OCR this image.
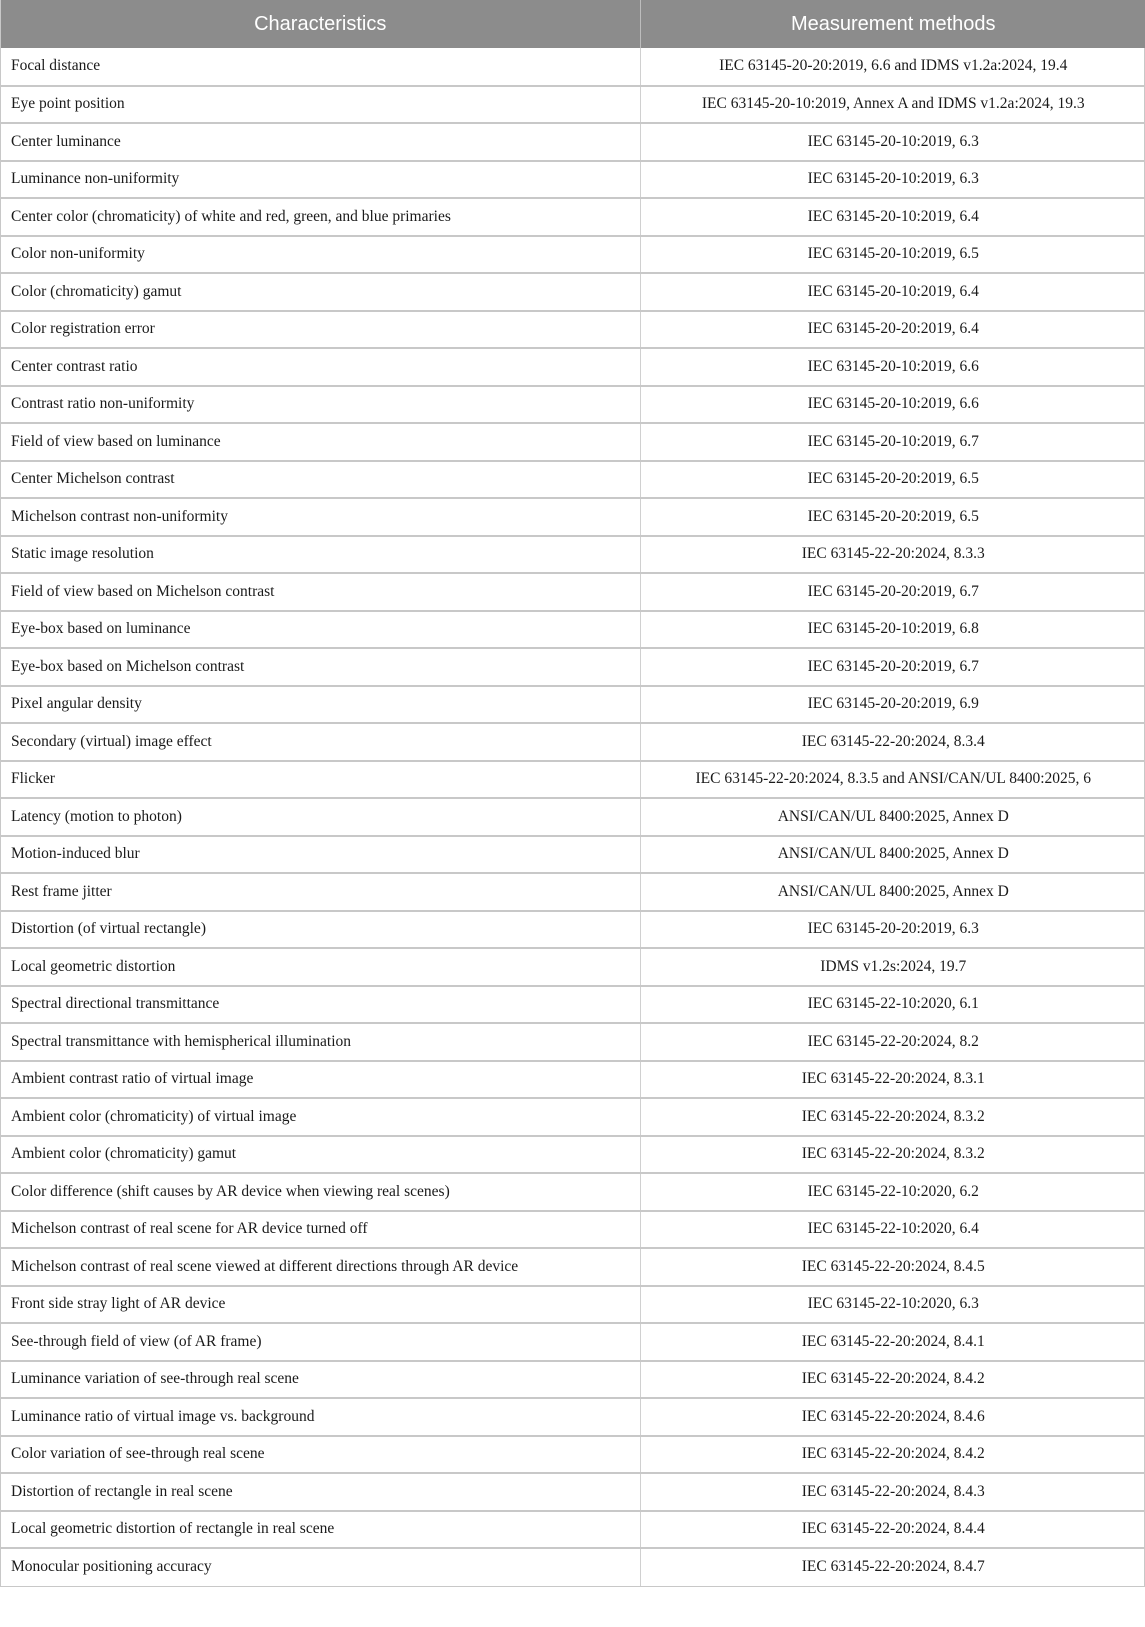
Characteristics	Measurement methods
Focal distance	IEC 63145-20-20:2019, 6.6 and IDMS v1.2a:2024, 19.4
Eye point position	IEC 63145-20-10:2019, Annex A and IDMS v1.2a:2024, 19.3
Center luminance	IEC 63145-20-10:2019, 6.3
Luminance non-uniformity	IEC 63145-20-10:2019, 6.3
Center color (chromaticity) of white and red, green, and blue primaries	IEC 63145-20-10:2019, 6.4
Color non-uniformity	IEC 63145-20-10:2019, 6.5
Color (chromaticity) gamut	IEC 63145-20-10:2019, 6.4
Color registration error	IEC 63145-20-20:2019, 6.4
Center contrast ratio	IEC 63145-20-10:2019, 6.6
Contrast ratio non-uniformity	IEC 63145-20-10:2019, 6.6
Field of view based on luminance	IEC 63145-20-10:2019, 6.7
Center Michelson contrast	IEC 63145-20-20:2019, 6.5
Michelson contrast non-uniformity	IEC 63145-20-20:2019, 6.5
Static image resolution	IEC 63145-22-20:2024, 8.3.3
Field of view based on Michelson contrast	IEC 63145-20-20:2019, 6.7
Eye-box based on luminance	IEC 63145-20-10:2019, 6.8
Eye-box based on Michelson contrast	IEC 63145-20-20:2019, 6.7
Pixel angular density	IEC 63145-20-20:2019, 6.9
Secondary (virtual) image effect	IEC 63145-22-20:2024, 8.3.4
Flicker	IEC 63145-22-20:2024, 8.3.5 and ANSI/CAN/UL 8400:2025, 6
Latency (motion to photon)	ANSI/CAN/UL 8400:2025, Annex D
Motion-induced blur	ANSI/CAN/UL 8400:2025, Annex D
Rest frame jitter	ANSI/CAN/UL 8400:2025, Annex D
Distortion (of virtual rectangle)	IEC 63145-20-20:2019, 6.3
Local geometric distortion	IDMS v1.2s:2024, 19.7
Spectral directional transmittance	IEC 63145-22-10:2020, 6.1
Spectral transmittance with hemispherical illumination	IEC 63145-22-20:2024, 8.2
Ambient contrast ratio of virtual image	IEC 63145-22-20:2024, 8.3.1
Ambient color (chromaticity) of virtual image	IEC 63145-22-20:2024, 8.3.2
Ambient color (chromaticity) gamut	IEC 63145-22-20:2024, 8.3.2
Color difference (shift causes by AR device when viewing real scenes)	IEC 63145-22-10:2020, 6.2
Michelson contrast of real scene for AR device turned off	IEC 63145-22-10:2020, 6.4
Michelson contrast of real scene viewed at different directions through AR device	IEC 63145-22-20:2024, 8.4.5
Front side stray light of AR device	IEC 63145-22-10:2020, 6.3
See-through field of view (of AR frame)	IEC 63145-22-20:2024, 8.4.1
Luminance variation of see-through real scene	IEC 63145-22-20:2024, 8.4.2
Luminance ratio of virtual image vs. background	IEC 63145-22-20:2024, 8.4.6
Color variation of see-through real scene	IEC 63145-22-20:2024, 8.4.2
Distortion of rectangle in real scene	IEC 63145-22-20:2024, 8.4.3
Local geometric distortion of rectangle in real scene	IEC 63145-22-20:2024, 8.4.4
Monocular positioning accuracy	IEC 63145-22-20:2024, 8.4.7
